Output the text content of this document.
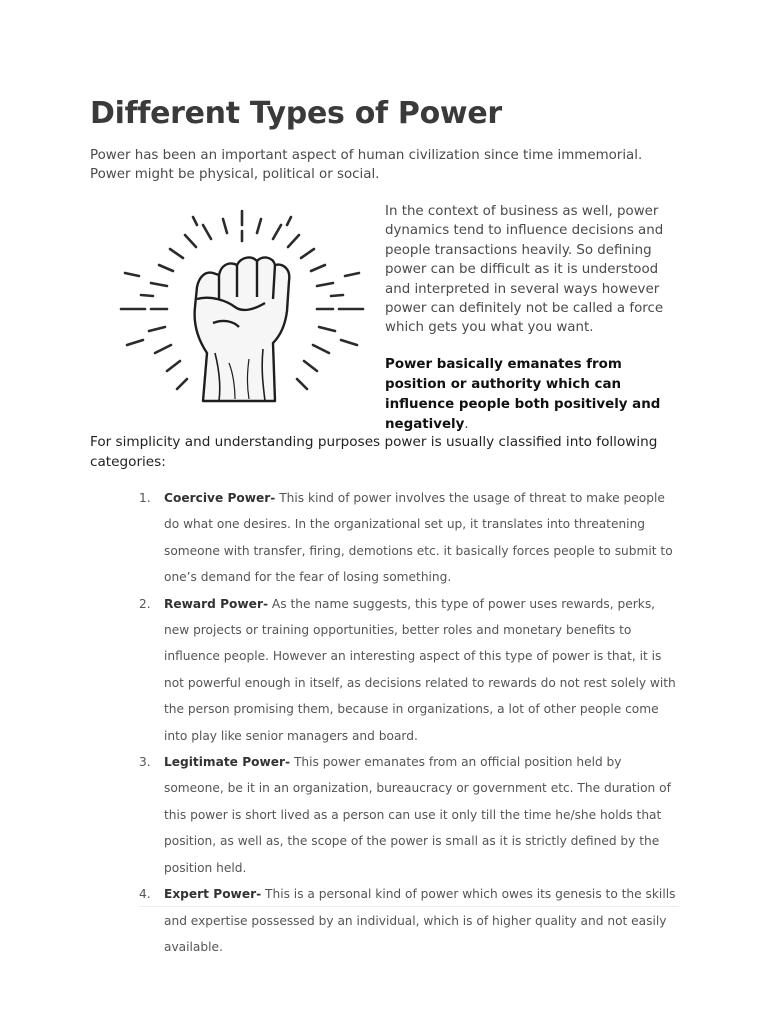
Different Types of Power

Power has been an important aspect of human civilization since time immemorial. Power might be physical, political or social.

In the context of business as well, power dynamics tend to influence decisions and people transactions heavily. So defining power can be difficult as it is understood and interpreted in several ways however power can definitely not be called a force which gets you what you want.

Power basically emanates from position or authority which can influence people both positively and negatively.

For simplicity and understanding purposes power is usually classified into following categories:

1. Coercive Power- This kind of power involves the usage of threat to make people do what one desires. In the organizational set up, it translates into threatening someone with transfer, firing, demotions etc. it basically forces people to submit to one’s demand for the fear of losing something.
2. Reward Power- As the name suggests, this type of power uses rewards, perks, new projects or training opportunities, better roles and monetary benefits to influence people. However an interesting aspect of this type of power is that, it is not powerful enough in itself, as decisions related to rewards do not rest solely with the person promising them, because in organizations, a lot of other people come into play like senior managers and board.
3. Legitimate Power- This power emanates from an official position held by someone, be it in an organization, bureaucracy or government etc. The duration of this power is short lived as a person can use it only till the time he/she holds that position, as well as, the scope of the power is small as it is strictly defined by the position held.
4. Expert Power- This is a personal kind of power which owes its genesis to the skills and expertise possessed by an individual, which is of higher quality and not easily available.
